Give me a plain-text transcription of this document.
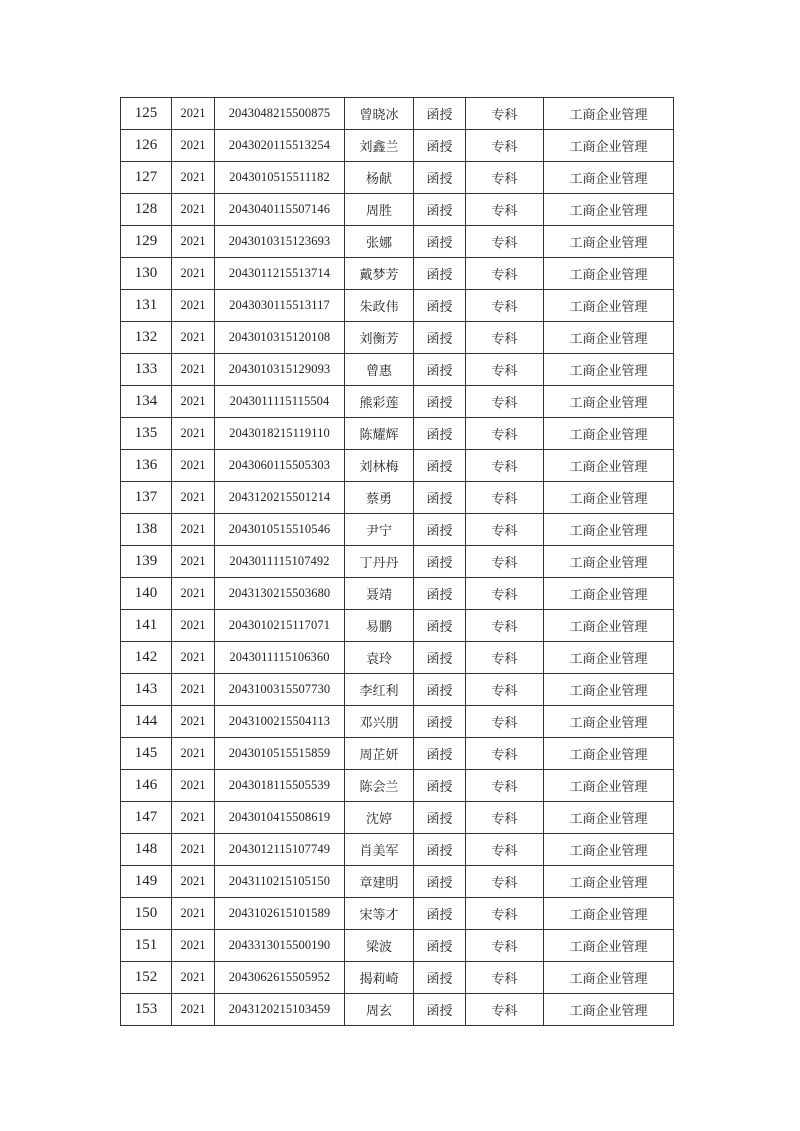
125	2021	2043048215500875	曾晓冰	函授	专科	工商企业管理
126	2021	2043020115513254	刘鑫兰	函授	专科	工商企业管理
127	2021	2043010515511182	杨献	函授	专科	工商企业管理
128	2021	2043040115507146	周胜	函授	专科	工商企业管理
129	2021	2043010315123693	张娜	函授	专科	工商企业管理
130	2021	2043011215513714	戴梦芳	函授	专科	工商企业管理
131	2021	2043030115513117	朱政伟	函授	专科	工商企业管理
132	2021	2043010315120108	刘衡芳	函授	专科	工商企业管理
133	2021	2043010315129093	曾惠	函授	专科	工商企业管理
134	2021	2043011115115504	熊彩莲	函授	专科	工商企业管理
135	2021	2043018215119110	陈耀辉	函授	专科	工商企业管理
136	2021	2043060115505303	刘林梅	函授	专科	工商企业管理
137	2021	2043120215501214	蔡勇	函授	专科	工商企业管理
138	2021	2043010515510546	尹宁	函授	专科	工商企业管理
139	2021	2043011115107492	丁丹丹	函授	专科	工商企业管理
140	2021	2043130215503680	聂靖	函授	专科	工商企业管理
141	2021	2043010215117071	易鹏	函授	专科	工商企业管理
142	2021	2043011115106360	袁玲	函授	专科	工商企业管理
143	2021	2043100315507730	李红利	函授	专科	工商企业管理
144	2021	2043100215504113	邓兴朋	函授	专科	工商企业管理
145	2021	2043010515515859	周芷妍	函授	专科	工商企业管理
146	2021	2043018115505539	陈会兰	函授	专科	工商企业管理
147	2021	2043010415508619	沈婷	函授	专科	工商企业管理
148	2021	2043012115107749	肖美军	函授	专科	工商企业管理
149	2021	2043110215105150	章建明	函授	专科	工商企业管理
150	2021	2043102615101589	宋等才	函授	专科	工商企业管理
151	2021	2043313015500190	梁波	函授	专科	工商企业管理
152	2021	2043062615505952	揭莉崎	函授	专科	工商企业管理
153	2021	2043120215103459	周玄	函授	专科	工商企业管理
